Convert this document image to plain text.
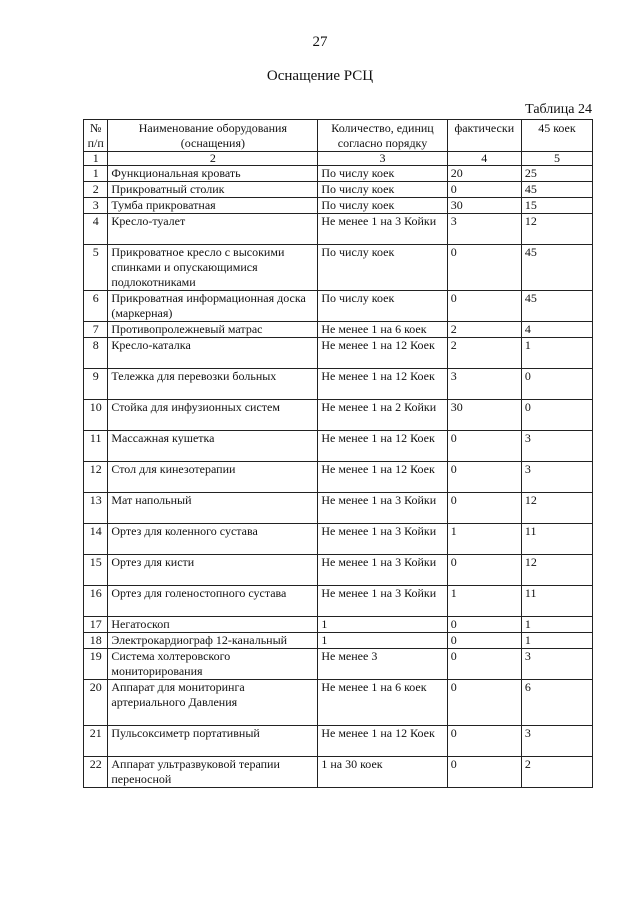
27
Оснащение РСЦ
Таблица 24
№ п/п	Наименование оборудования (оснащения)	Количество, единиц согласно порядку	фактически	45 коек
1	2	3	4	5
1	Функциональная кровать	По числу коек	20	25
2	Прикроватный столик	По числу коек	0	45
3	Тумба прикроватная	По числу коек	30	15
4	Кресло-туалет	Не менее 1 на 3 Койки	3	12
5	Прикроватное кресло с высокими спинками и опускающимися подлокотниками	По числу коек	0	45
6	Прикроватная информационная доска (маркерная)	По числу коек	0	45
7	Противопролежневый матрас	Не менее 1 на 6 коек	2	4
8	Кресло-каталка	Не менее 1 на 12 Коек	2	1
9	Тележка для перевозки больных	Не менее 1 на 12 Коек	3	0
10	Стойка для инфузионных систем	Не менее 1 на 2 Койки	30	0
11	Массажная кушетка	Не менее 1 на 12 Коек	0	3
12	Стол для кинезотерапии	Не менее 1 на 12 Коек	0	3
13	Мат напольный	Не менее 1 на 3 Койки	0	12
14	Ортез для коленного сустава	Не менее 1 на 3 Койки	1	11
15	Ортез для кисти	Не менее 1 на 3 Койки	0	12
16	Ортез для голеностопного сустава	Не менее 1 на 3 Койки	1	11
17	Негатоскоп	1	0	1
18	Электрокардиограф 12-канальный	1	0	1
19	Система холтеровского мониторирования	Не менее 3	0	3
20	Аппарат для мониторинга артериального Давления	Не менее 1 на 6 коек	0	6
21	Пульсоксиметр портативный	Не менее 1 на 12 Коек	0	3
22	Аппарат ультразвуковой терапии переносной	1 на 30 коек	0	2
